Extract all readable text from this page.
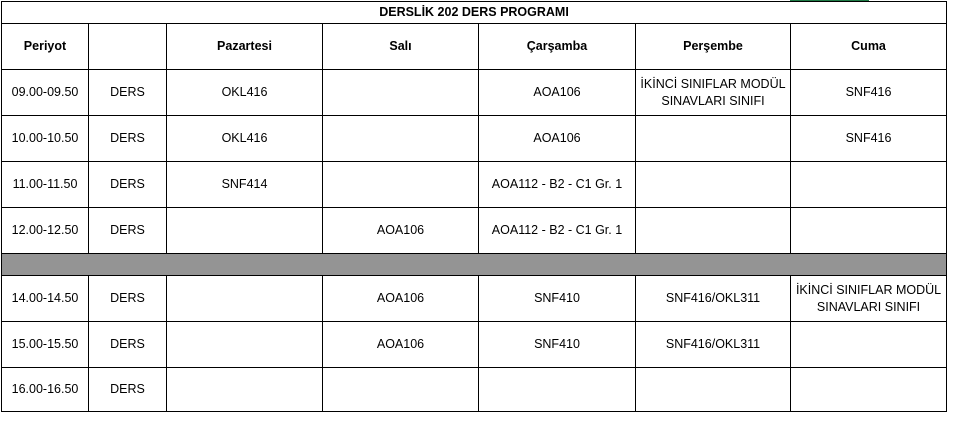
DERSLİK 202 DERS PROGRAMI						
Periyot		Pazartesi	Salı	Çarşamba	Perşembe	Cuma
09.00-09.50	DERS	OKL416		AOA106	İKİNCİ SINIFLAR MODÜL
SINAVLARI SINIFI	SNF416
10.00-10.50	DERS	OKL416		AOA106		SNF416
11.00-11.50	DERS	SNF414		AOA112 - B2 - C1 Gr. 1		
12.00-12.50	DERS		AOA106	AOA112 - B2 - C1 Gr. 1		

14.00-14.50	DERS		AOA106	SNF410	SNF416/OKL311	İKİNCİ SINIFLAR MODÜL
SINAVLARI SINIFI
15.00-15.50	DERS		AOA106	SNF410	SNF416/OKL311	
16.00-16.50	DERS					
